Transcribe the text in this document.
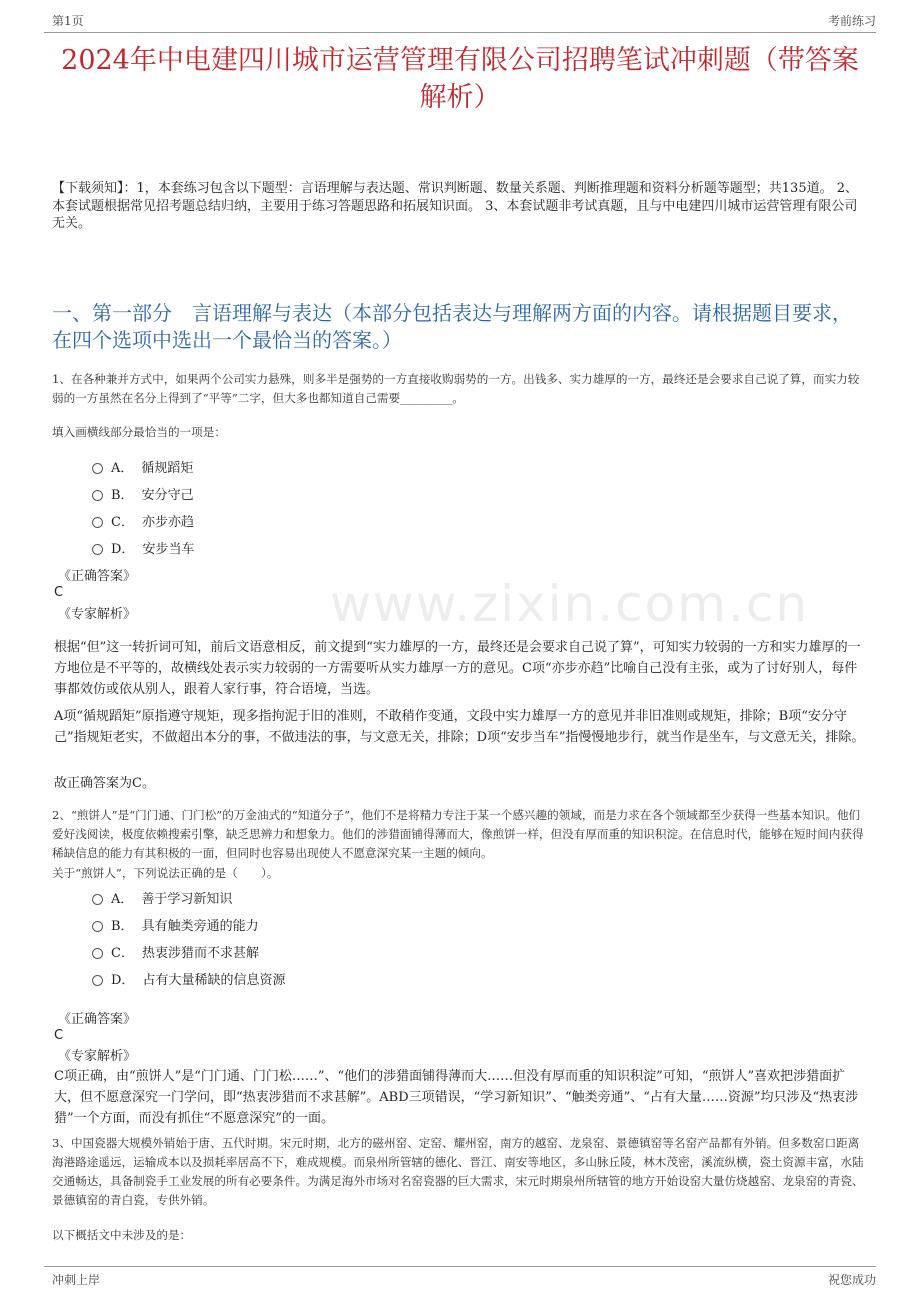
第1页	考前练习
www.zixin.com.cn
2024年中电建四川城市运营管理有限公司招聘笔试冲刺题（带答案解析）
【下载须知】：1，本套练习包含以下题型：言语理解与表达题、常识判断题、数量关系题、判断推理题和资料分析题等题型；共135道。 2、本套试题根据常见招考题总结归纳，主要用于练习答题思路和拓展知识面。 3、本套试题非考试真题，且与中电建四川城市运营管理有限公司无关。
一、第一部分　言语理解与表达（本部分包括表达与理解两方面的内容。请根据题目要求，在四个选项中选出一个最恰当的答案。）
1、在各种兼并方式中，如果两个公司实力悬殊，则多半是强势的一方直接收购弱势的一方。出钱多、实力雄厚的一方，最终还是会要求自己说了算，而实力较弱的一方虽然在名分上得到了“平等”二字，但大多也都知道自己需要_________。
填入画横线部分最恰当的一项是：
A． 循规蹈矩
B． 安分守己
C． 亦步亦趋
D． 安步当车
《正确答案》
C
《专家解析》
根据“但”这一转折词可知，前后文语意相反，前文提到“实力雄厚的一方，最终还是会要求自己说了算”，可知实力较弱的一方和实力雄厚的一方地位是不平等的，故横线处表示实力较弱的一方需要听从实力雄厚一方的意见。C项“亦步亦趋”比喻自己没有主张，或为了讨好别人，每件事都效仿或依从别人，跟着人家行事，符合语境，当选。
A项“循规蹈矩”原指遵守规矩，现多指拘泥于旧的准则，不敢稍作变通，文段中实力雄厚一方的意见并非旧准则或规矩，排除；B项“安分守己”指规矩老实，不做超出本分的事，不做违法的事，与文意无关，排除；D项“安步当车”指慢慢地步行，就当作是坐车，与文意无关，排除。
故正确答案为C。
2、“煎饼人”是“门门通、门门松”的万金油式的“知道分子”，他们不是将精力专注于某一个感兴趣的领域，而是力求在各个领域都至少获得一些基本知识。他们爱好浅阅读，极度依赖搜索引擎，缺乏思辨力和想象力。他们的涉猎面铺得薄而大，像煎饼一样，但没有厚而重的知识积淀。在信息时代，能够在短时间内获得稀缺信息的能力有其积极的一面，但同时也容易出现使人不愿意深究某一主题的倾向。
关于“煎饼人”，下列说法正确的是（　　）。
A． 善于学习新知识
B． 具有触类旁通的能力
C． 热衷涉猎而不求甚解
D． 占有大量稀缺的信息资源
《正确答案》
C
《专家解析》
C项正确，由“煎饼人”是“门门通、门门松……”、“他们的涉猎面铺得薄而大……但没有厚而重的知识积淀”可知，“煎饼人”喜欢把涉猎面扩大，但不愿意深究一门学问，即“热衷涉猎而不求甚解”。ABD三项错误，“学习新知识”、“触类旁通”、“占有大量……资源”均只涉及“热衷涉猎”一个方面，而没有抓住“不愿意深究”的一面。
3、中国瓷器大规模外销始于唐、五代时期。宋元时期，北方的磁州窑、定窑、耀州窑，南方的越窑、龙泉窑、景德镇窑等名窑产品都有外销。但多数窑口距离海港路途遥远，运输成本以及损耗率居高不下，难成规模。而泉州所管辖的德化、晋江、南安等地区，多山脉丘陵，林木茂密，溪流纵横，瓷土资源丰富，水陆交通畅达，具备制瓷手工业发展的所有必要条件。为满足海外市场对名窑瓷器的巨大需求，宋元时期泉州所辖管的地方开始设窑大量仿烧越窑、龙泉窑的青瓷、景德镇窑的青白瓷，专供外销。
以下概括文中未涉及的是：
冲刺上岸	祝您成功
